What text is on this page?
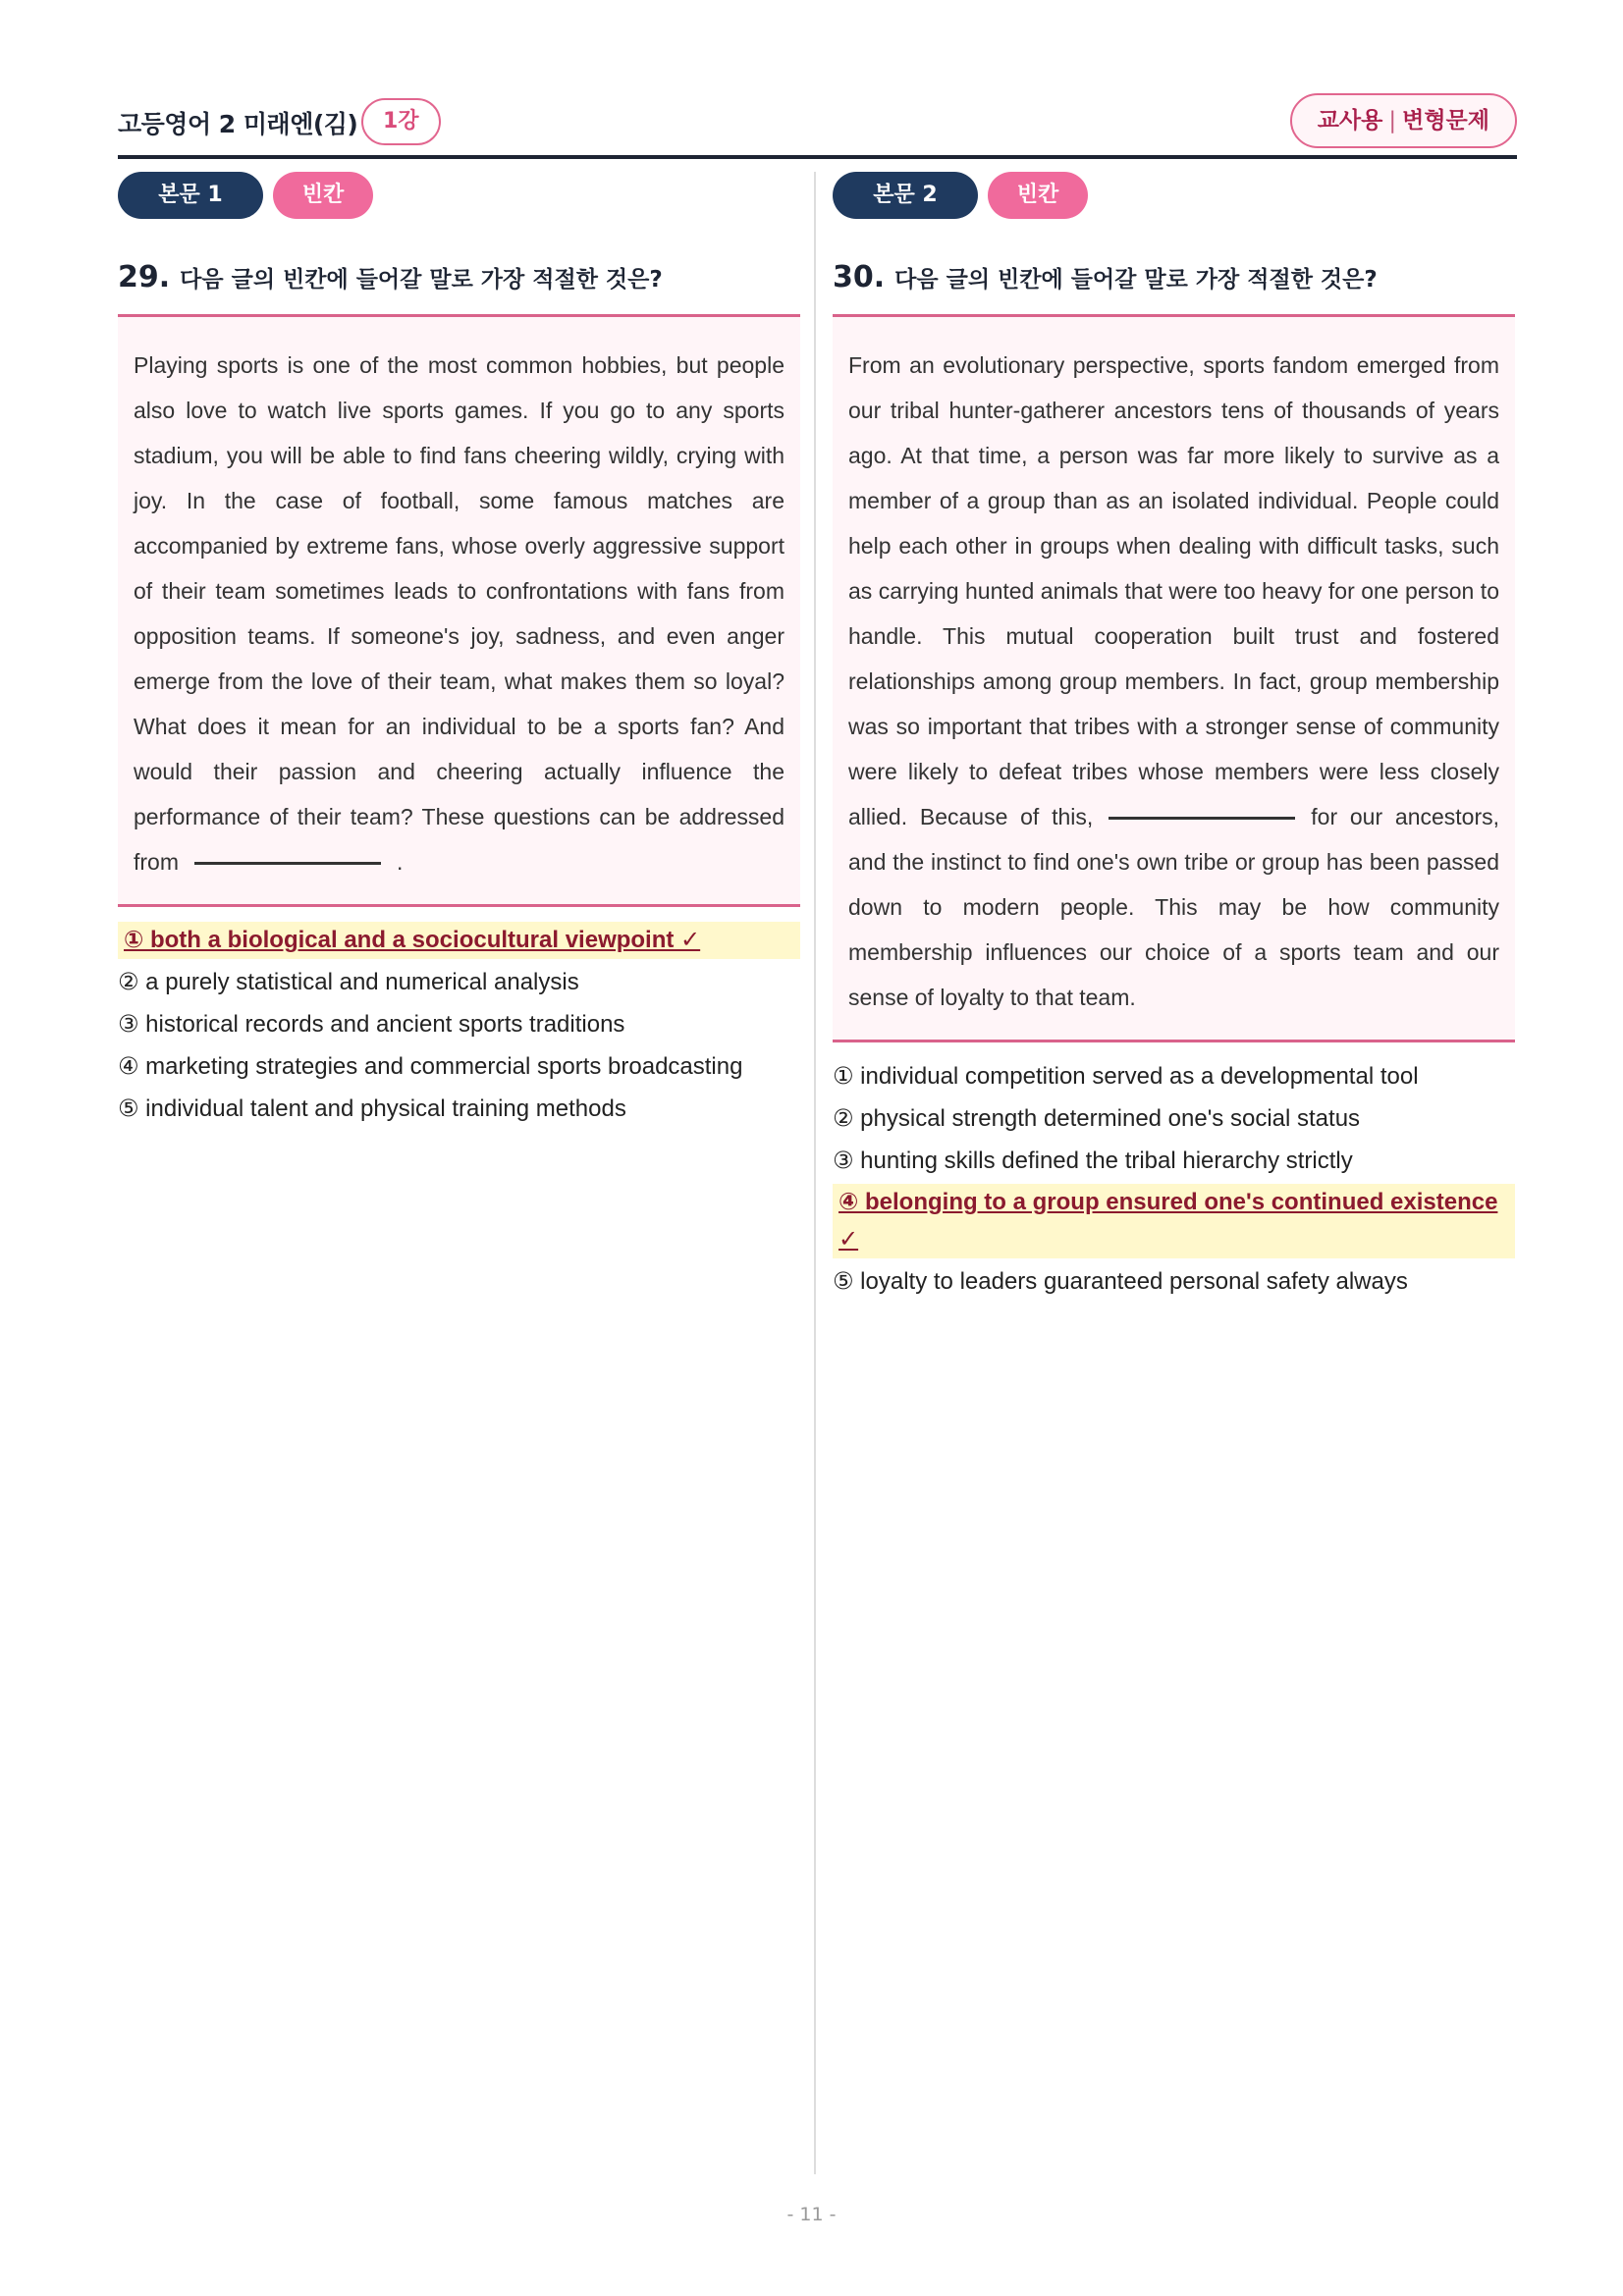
고등영어 2 미래엔(김)	1강	교사용 | 변형문제
본문 1	빈칸
29. 다음 글의 빈칸에 들어갈 말로 가장 적절한 것은?

Playing sports is one of the most common hobbies, but people also love to watch live sports games. If you go to any sports stadium, you will be able to find fans cheering wildly, crying with joy. In the case of football, some famous matches are accompanied by extreme fans, whose overly aggressive support of their team sometimes leads to confrontations with fans from opposition teams. If someone's joy, sadness, and even anger emerge from the love of their team, what makes them so loyal? What does it mean for an individual to be a sports fan? And would their passion and cheering actually influence the performance of their team? These questions can be addressed from	.

① both a biological and a sociocultural viewpoint ✓
② a purely statistical and numerical analysis
③ historical records and ancient sports traditions
④ marketing strategies and commercial sports broadcasting
⑤ individual talent and physical training methods
본문 2	빈칸
30. 다음 글의 빈칸에 들어갈 말로 가장 적절한 것은?

From an evolutionary perspective, sports fandom emerged from our tribal hunter-gatherer ancestors tens of thousands of years ago. At that time, a person was far more likely to survive as a member of a group than as an isolated individual. People could help each other in groups when dealing with difficult tasks, such as carrying hunted animals that were too heavy for one person to handle. This mutual cooperation built trust and fostered relationships among group members. In fact, group membership was so important that tribes with a stronger sense of community were likely to defeat tribes whose members were less closely allied. Because of this,	for our ancestors, and the instinct to find one's own tribe or group has been passed down to modern people. This may be how community membership influences our choice of a sports team and our sense of loyalty to that team.

① individual competition served as a developmental tool
② physical strength determined one's social status
③ hunting skills defined the tribal hierarchy strictly
④ belonging to a group ensured one's continued existence ✓
⑤ loyalty to leaders guaranteed personal safety always
- 11 -
